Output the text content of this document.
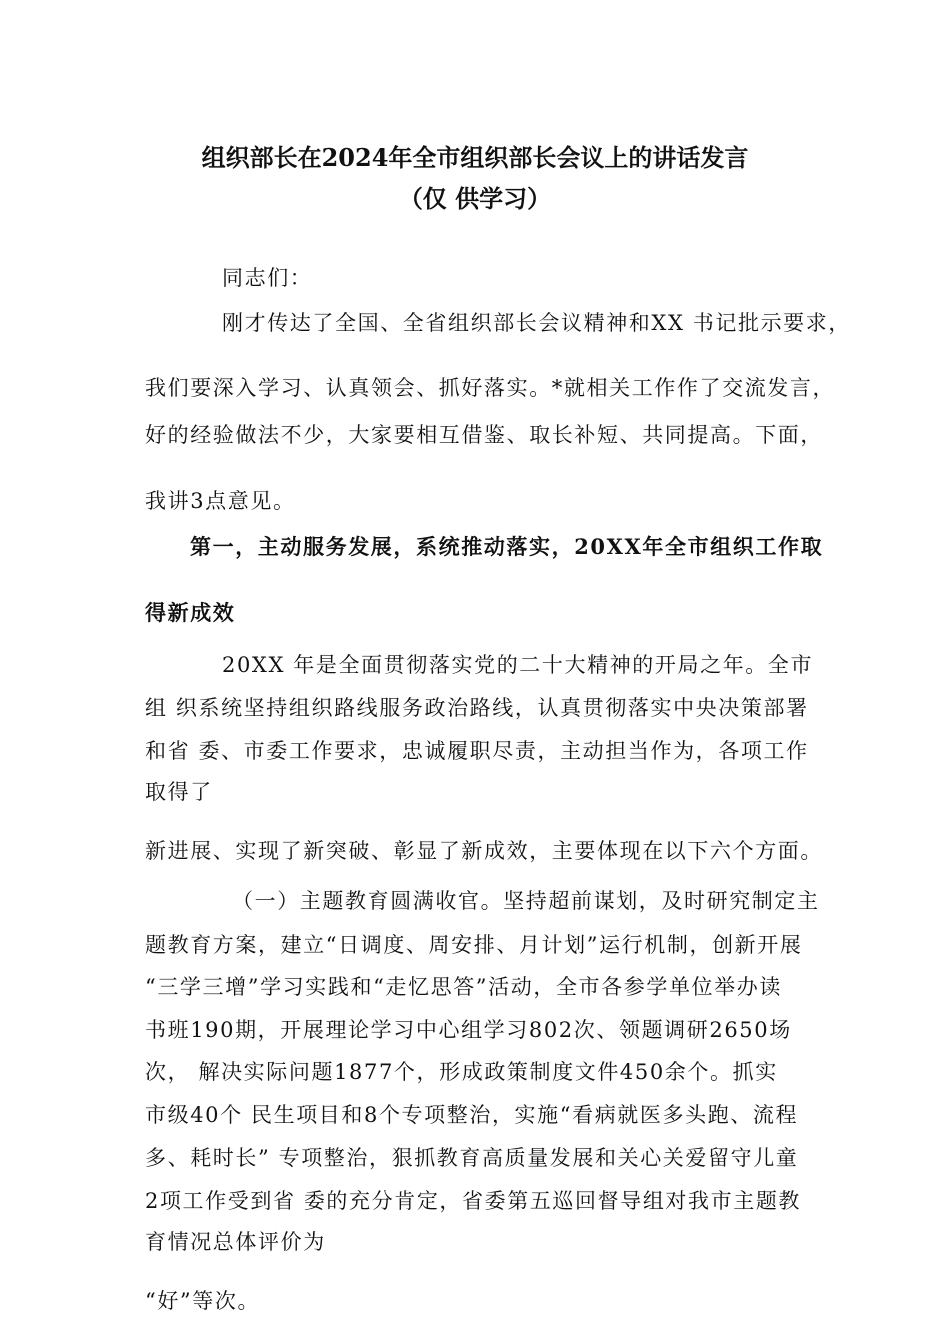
组织部长在2024年全市组织部长会议上的讲话发言
（仅 供学习）
同志们：
刚才传达了全国、全省组织部长会议精神和XX 书记批示要求，
我们要深入学习、认真领会、抓好落实。*就相关工作作了交流发言，
好的经验做法不少，大家要相互借鉴、取长补短、共同提高。下面，
我讲3点意见。
第一，主动服务发展，系统推动落实，20XX年全市组织工作取
得新成效
20XX 年是全面贯彻落实党的二十大精神的开局之年。全市
组 织系统坚持组织路线服务政治路线，认真贯彻落实中央决策部署
和省 委、市委工作要求，忠诚履职尽责，主动担当作为，各项工作
取得了
新进展、实现了新突破、彰显了新成效，主要体现在以下六个方面。
（一）主题教育圆满收官。坚持超前谋划，及时研究制定主
题教育方案，建立“日调度、周安排、月计划”运行机制，创新开展
“三学三增”学习实践和“走忆思答”活动，全市各参学单位举办读
书班190期，开展理论学习中心组学习802次、领题调研2650场
次， 解决实际问题1877个，形成政策制度文件450余个。抓实
市级40个 民生项目和8个专项整治，实施“看病就医多头跑、流程
多、耗时长” 专项整治，狠抓教育高质量发展和关心关爱留守儿童
2项工作受到省 委的充分肯定，省委第五巡回督导组对我市主题教
育情况总体评价为
“好”等次。
